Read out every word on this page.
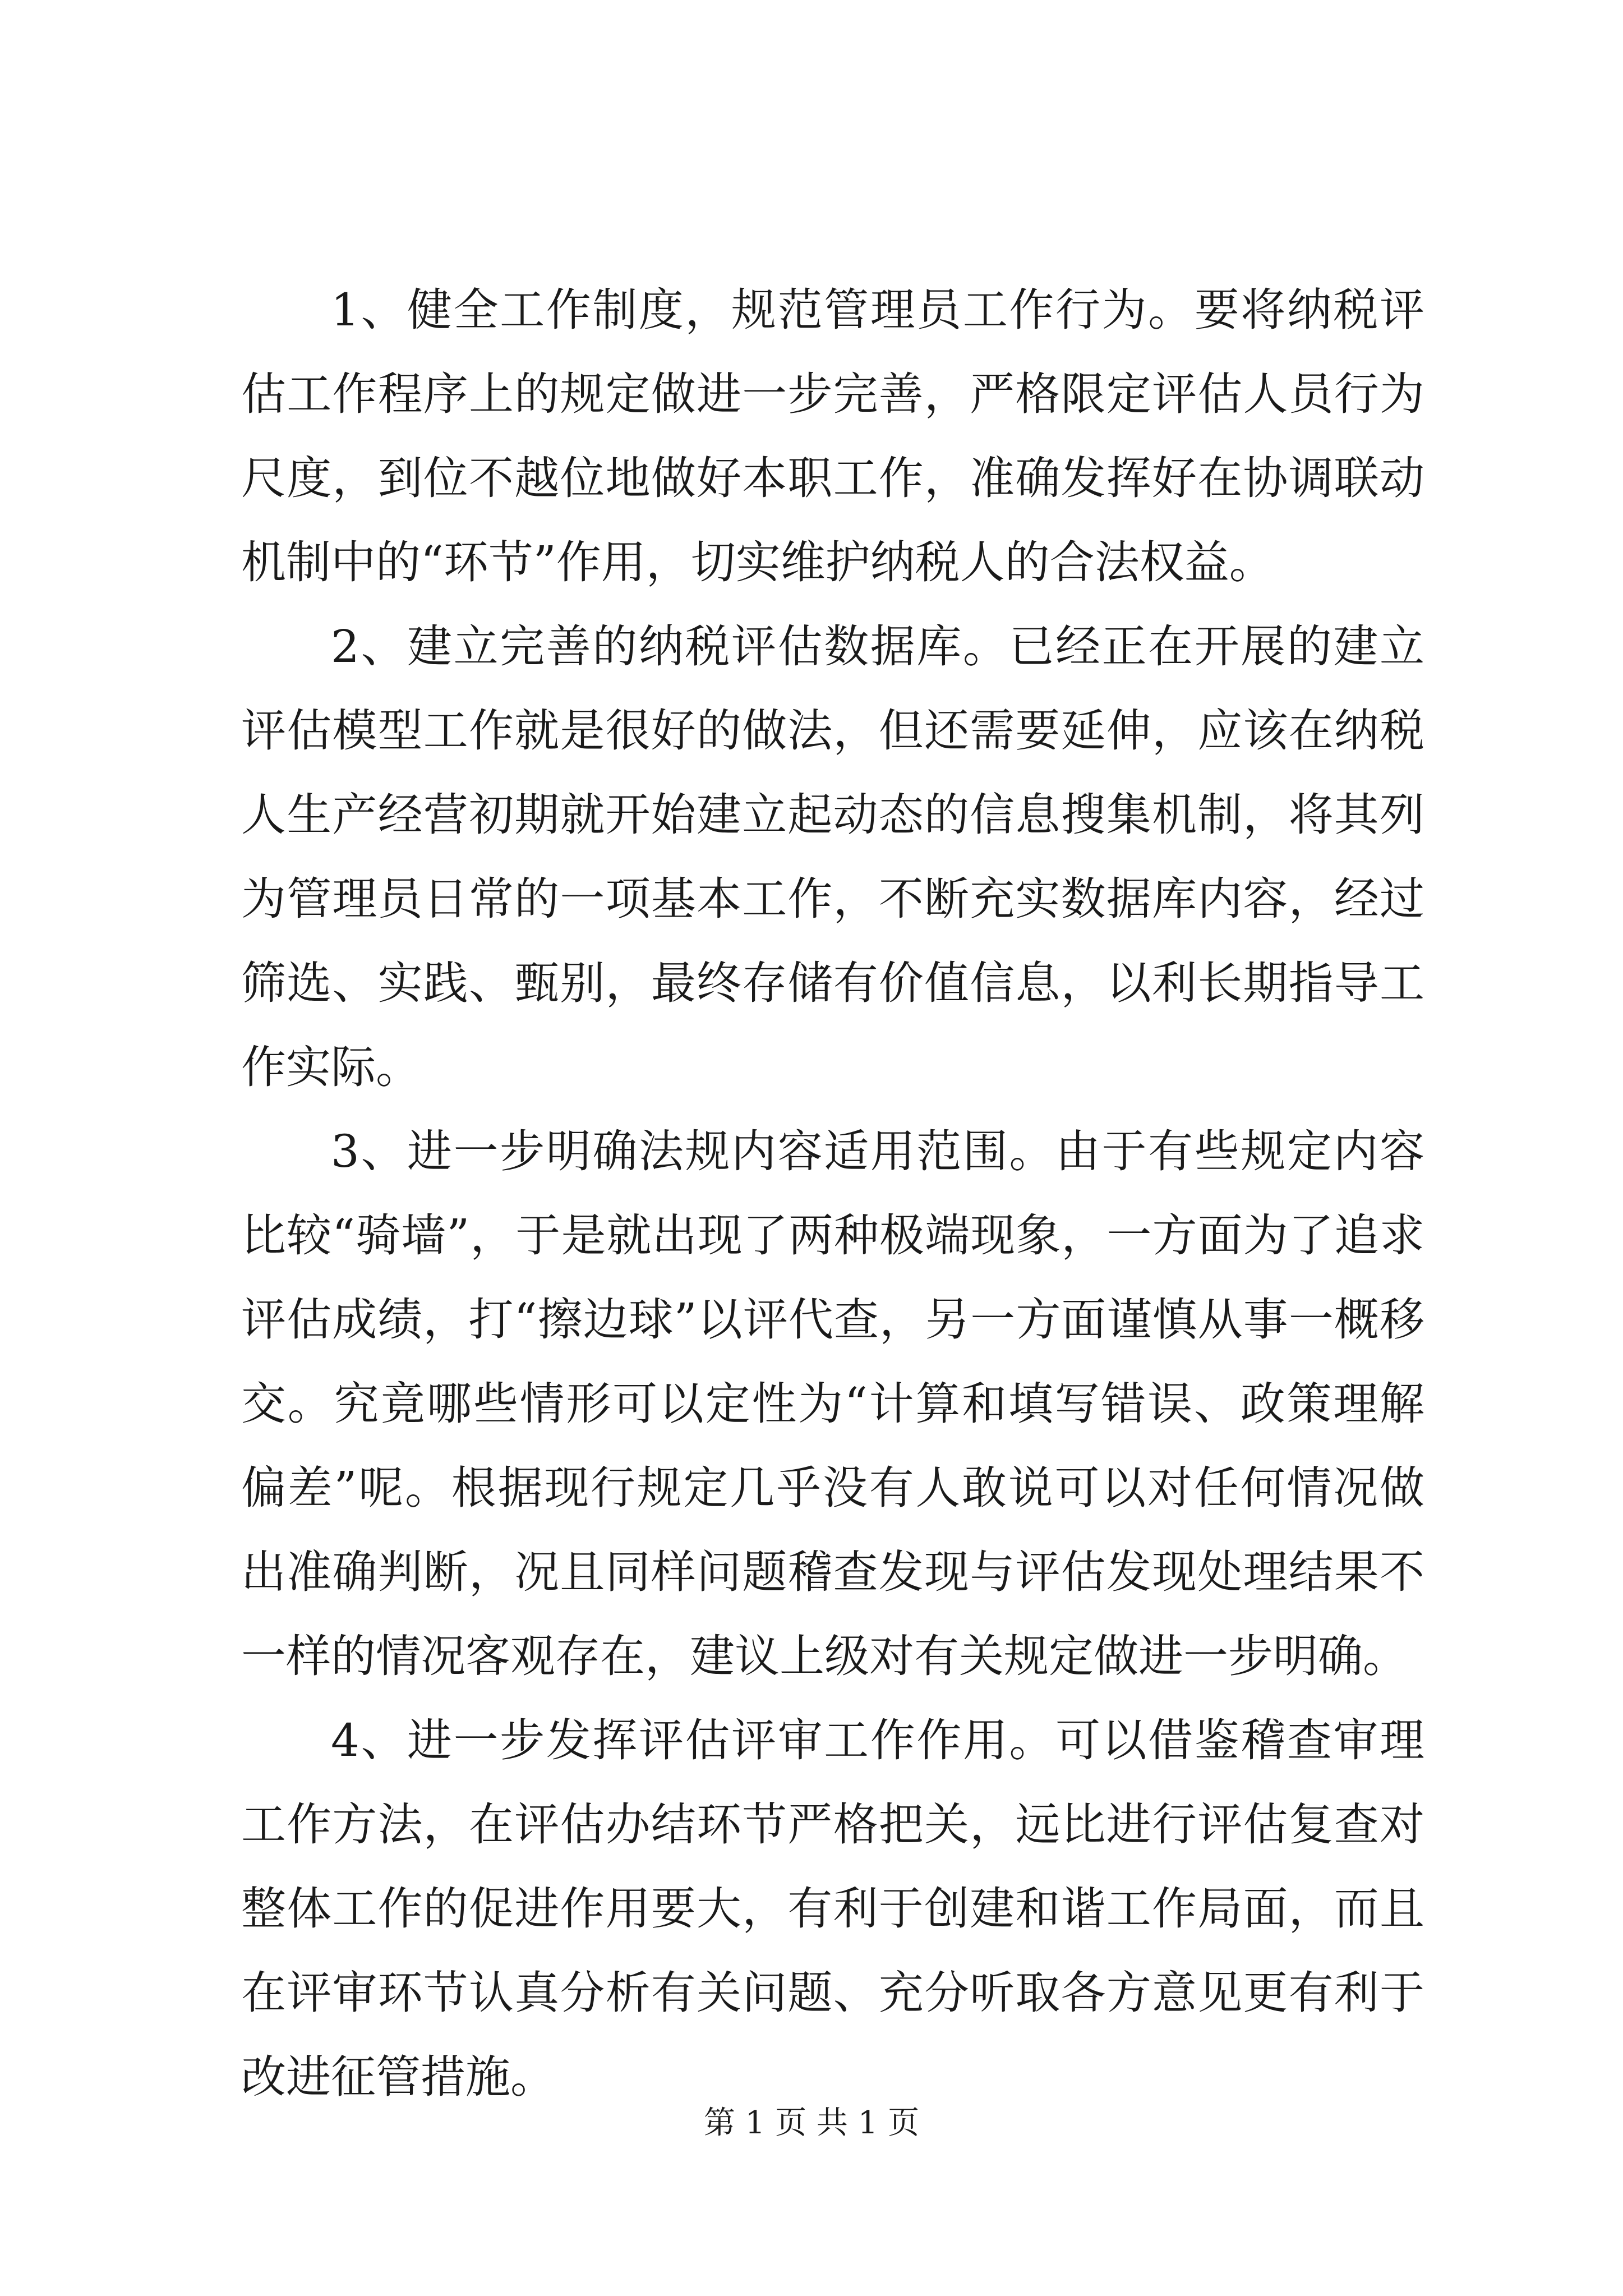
1、健全工作制度，规范管理员工作行为。要将纳税评估工作程序上的规定做进一步完善，严格限定评估人员行为尺度，到位不越位地做好本职工作，准确发挥好在协调联动机制中的“环节”作用，切实维护纳税人的合法权益。

2、建立完善的纳税评估数据库。已经正在开展的建立评估模型工作就是很好的做法，但还需要延伸，应该在纳税人生产经营初期就开始建立起动态的信息搜集机制，将其列为管理员日常的一项基本工作，不断充实数据库内容，经过筛选、实践、甄别，最终存储有价值信息，以利长期指导工作实际。

3、进一步明确法规内容适用范围。由于有些规定内容比较“骑墙”，于是就出现了两种极端现象，一方面为了追求评估成绩，打“擦边球”以评代查，另一方面谨慎从事一概移交。究竟哪些情形可以定性为“计算和填写错误、政策理解偏差”呢。根据现行规定几乎没有人敢说可以对任何情况做出准确判断，况且同样问题稽查发现与评估发现处理结果不一样的情况客观存在，建议上级对有关规定做进一步明确。

4、进一步发挥评估评审工作作用。可以借鉴稽查审理工作方法，在评估办结环节严格把关，远比进行评估复查对整体工作的促进作用要大，有利于创建和谐工作局面，而且在评审环节认真分析有关问题、充分听取各方意见更有利于改进征管措施。

第 1 页 共 1 页
